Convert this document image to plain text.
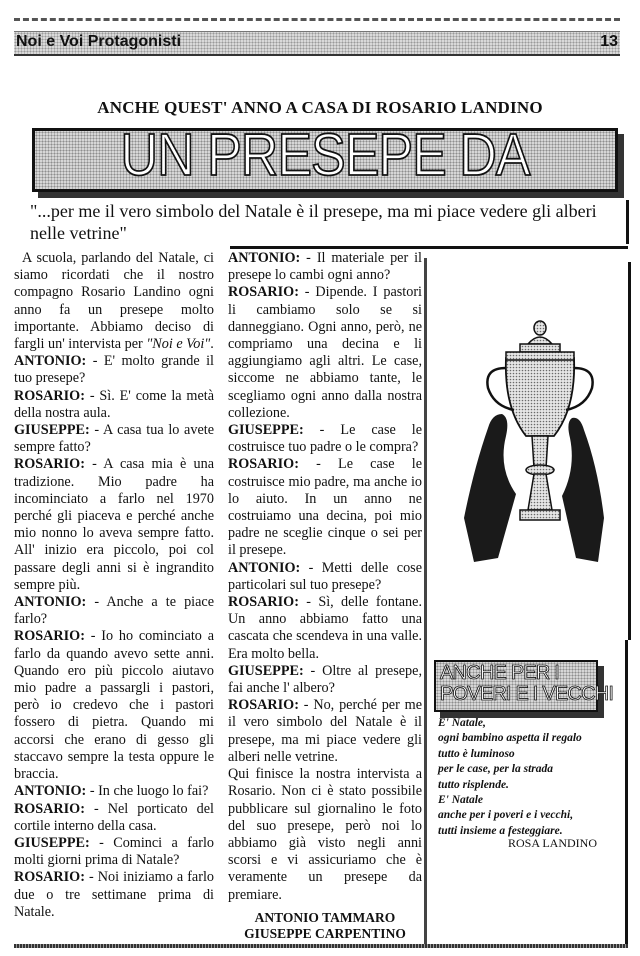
Noi e Voi Protagonisti	13
ANCHE QUEST' ANNO A CASA DI ROSARIO LANDINO
UN PRESEPE DA
"...per me il vero simbolo del Natale è il presepe, ma mi piace vedere gli alberi nelle vetrine"

A scuola, parlando del Natale, ci siamo ricordati che il nostro compagno Rosario Landino ogni anno fa un presepe molto importante. Abbiamo deciso di fargli un' intervista per "Noi e Voi".

ANTONIO: - E' molto grande il tuo presepe?

ROSARIO: - Sì. E' come la metà della nostra aula.

GIUSEPPE: - A casa tua lo avete sempre fatto?

ROSARIO: - A casa mia è una tradizione. Mio padre ha incominciato a farlo nel 1970 perché gli piaceva e perché anche mio nonno lo aveva sempre fatto. All' inizio era piccolo, poi col passare degli anni si è ingrandito sempre più.

ANTONIO: - Anche a te piace farlo?

ROSARIO: - Io ho cominciato a farlo da quando avevo sette anni. Quando ero più piccolo aiutavo mio padre a passargli i pastori, però io credevo che i pastori fossero di pietra. Quando mi accorsi che erano di gesso gli staccavo sempre la testa oppure le braccia.

ANTONIO: - In che luogo lo fai?

ROSARIO: - Nel porticato del cortile interno della casa.

GIUSEPPE: - Cominci a farlo molti giorni prima di Natale?

ROSARIO: - Noi iniziamo a farlo due o tre settimane prima di Natale.

ANTONIO: - Il materiale per il presepe lo cambi ogni anno?

ROSARIO: - Dipende. I pastori li cambiamo solo se si danneggiano. Ogni anno, però, ne compriamo una decina e li aggiungiamo agli altri. Le case, siccome ne abbiamo tante, le scegliamo ogni anno dalla nostra collezione.

GIUSEPPE: - Le case le costruisce tuo padre o le compra?

ROSARIO: - Le case le costruisce mio padre, ma anche io lo aiuto. In un anno ne costruiamo una decina, poi mio padre ne sceglie cinque o sei per il presepe.

ANTONIO: - Metti delle cose particolari sul tuo presepe?

ROSARIO: - Sì, delle fontane. Un anno abbiamo fatto una cascata che scendeva in una valle. Era molto bella.

GIUSEPPE: - Oltre al presepe, fai anche l' albero?

ROSARIO: - No, perché per me il vero simbolo del Natale è il presepe, ma mi piace vedere gli alberi nelle vetrine.

Qui finisce la nostra intervista a Rosario. Non ci è stato possibile pubblicare sul giornalino le foto del suo presepe, però noi lo abbiamo già visto negli anni scorsi e vi assicuriamo che è veramente un presepe da premiare.

ANTONIO TAMMARO
GIUSEPPE CARPENTINO
ANCHE PER I POVERI E I VECCHI
E' Natale,
ogni bambino aspetta il regalo
tutto è luminoso
per le case, per la strada
tutto risplende.
E' Natale
anche per i poveri e i vecchi,
tutti insieme a festeggiare.
ROSA LANDINO
